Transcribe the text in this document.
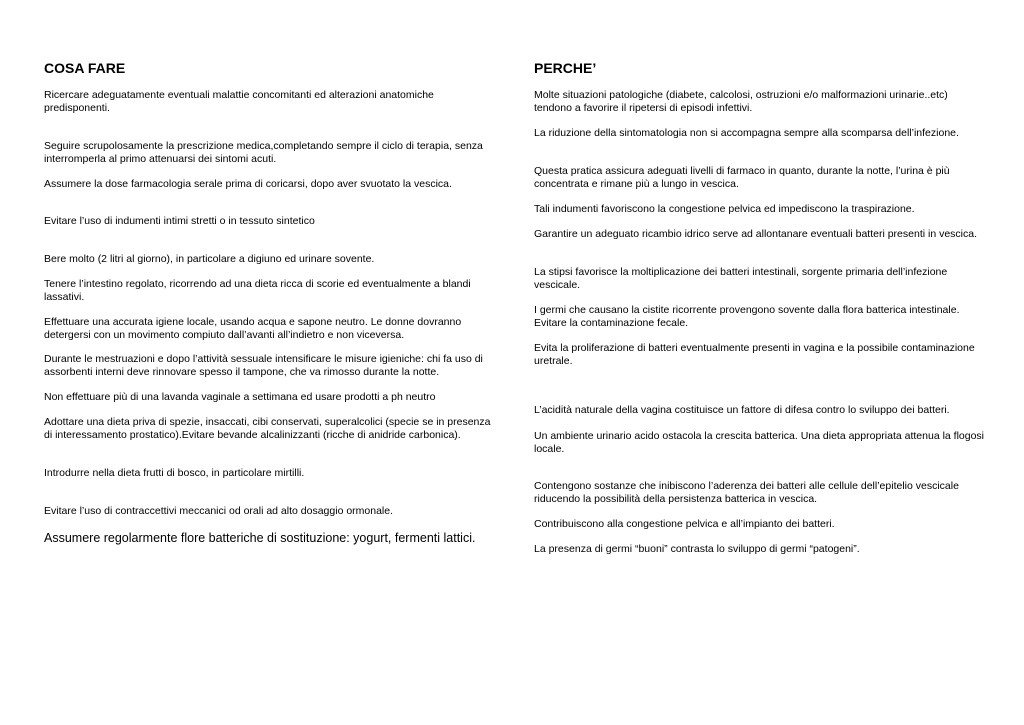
COSA FARE	PERCHE’

Ricercare adeguatamente eventuali malattie concomitanti ed alterazioni anatomiche predisponenti.

Seguire scrupolosamente la prescrizione medica,completando sempre il ciclo di terapia, senza interromperla al primo attenuarsi dei sintomi acuti.

Assumere la dose farmacologia serale prima di coricarsi, dopo aver svuotato la vescica.

Evitare l’uso di indumenti intimi stretti o in tessuto sintetico

Bere molto (2 litri al giorno), in particolare a digiuno ed urinare sovente.

Tenere l’intestino regolato, ricorrendo ad una dieta ricca di scorie ed eventualmente a blandi lassativi.

Effettuare una accurata igiene locale, usando acqua e sapone neutro. Le donne dovranno detergersi con un movimento compiuto dall’avanti all’indietro e non viceversa.

Durante le mestruazioni e dopo l’attività sessuale intensificare le misure igieniche: chi fa uso di assorbenti interni deve rinnovare spesso il tampone, che va rimosso durante la notte.

Non effettuare più di una lavanda vaginale a settimana ed usare prodotti a ph neutro

Adottare una dieta priva di spezie, insaccati, cibi conservati, superalcolici (specie se in presenza di interessamento prostatico).Evitare bevande alcalinizzanti (ricche di anidride carbonica).

Introdurre nella dieta frutti di bosco, in particolare mirtilli.

Evitare l’uso di contraccettivi meccanici od orali ad alto dosaggio ormonale.

Assumere regolarmente flore batteriche di sostituzione: yogurt, fermenti lattici.

Molte situazioni patologiche (diabete, calcolosi, ostruzioni e/o malformazioni urinarie..etc) tendono a favorire il ripetersi di episodi infettivi.

La riduzione della sintomatologia non si accompagna sempre alla scomparsa dell’infezione.

Questa pratica assicura adeguati livelli di farmaco in quanto, durante la notte, l’urina è più concentrata e rimane più a lungo in vescica.

Tali indumenti favoriscono la congestione pelvica ed impediscono la traspirazione.

Garantire un adeguato ricambio idrico serve ad allontanare eventuali batteri presenti in vescica.

La stipsi favorisce la moltiplicazione dei batteri intestinali, sorgente primaria dell’infezione vescicale.

I germi che causano la cistite ricorrente provengono sovente dalla flora batterica intestinale. Evitare la contaminazione fecale.

Evita la proliferazione di batteri eventualmente presenti in vagina e la possibile contaminazione uretrale.

L’acidità naturale della vagina costituisce un fattore di difesa contro lo sviluppo dei batteri.

Un ambiente urinario acido ostacola la crescita batterica. Una dieta appropriata attenua la flogosi locale.

Contengono sostanze che inibiscono l’aderenza dei batteri alle cellule dell’epitelio vescicale riducendo la possibilità della persistenza batterica in vescica.

Contribuiscono alla congestione pelvica e all’impianto dei batteri.

La presenza di germi “buoni” contrasta lo sviluppo di germi “patogeni”.
